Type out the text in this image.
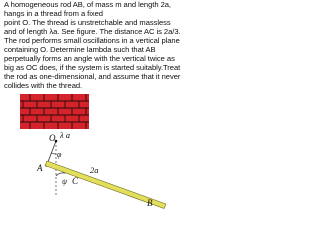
A homogeneous rod AB, of mass m and length 2a,
hangs in a thread from a fixed
point O. The thread is unstretchable and massless
and of length λa. See figure. The distance AC is 2a/3.
The rod performs small oscillations in a vertical plane
containing O. Determine lambda such that AB
perpetually forms an angle with the vertical twice as
big as OC does, if the system is started suitably.Treat
the rod as one-dimensional, and assume that it never
collides with the thread.
O λ a
φ
A	2a
ψ C
B
